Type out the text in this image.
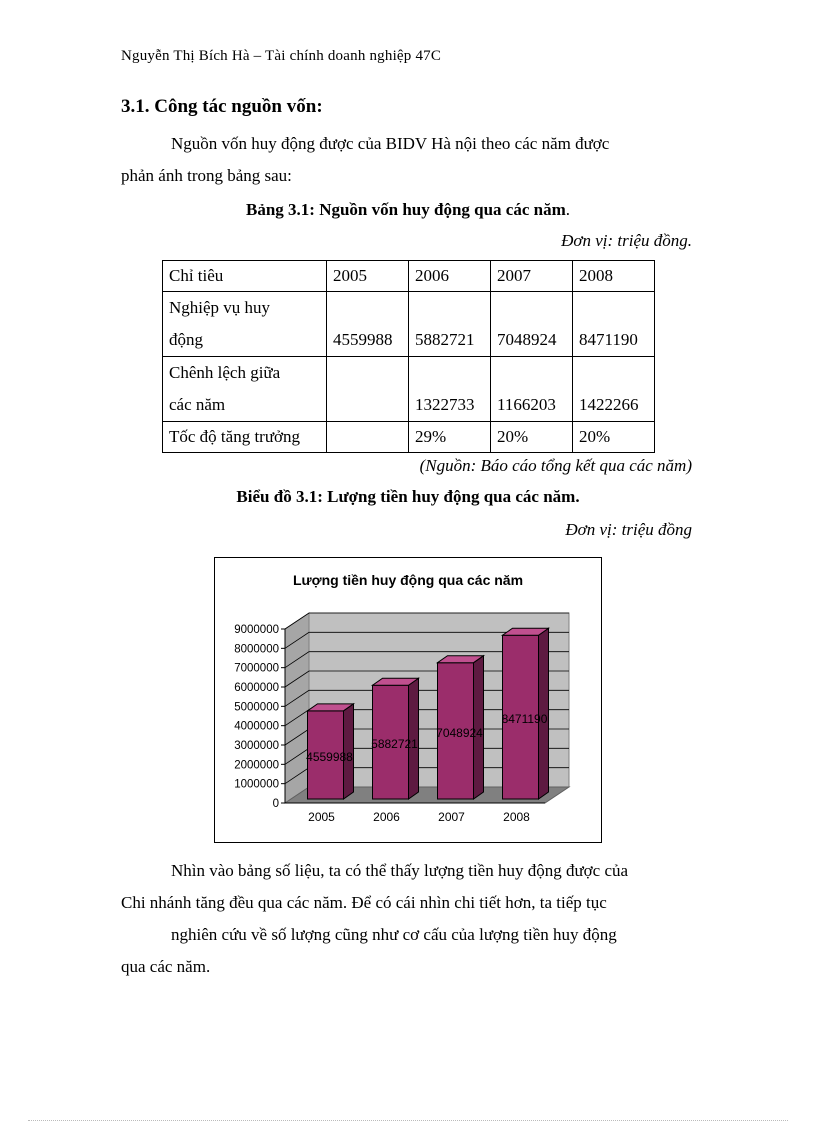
Nguyễn Thị Bích Hà – Tài chính doanh nghiệp 47C
3.1. Công tác nguồn vốn:
Nguồn vốn huy động được của BIDV Hà nội theo các năm được
phản ánh trong bảng sau:
Bảng 3.1: Nguồn vốn huy động qua các năm.
Đơn vị: triệu đồng.
Chỉ tiêu	2005	2006	2007	2008

Nghiệp vụ huy
động	4559988	5882721	7048924	8471190

Chênh lệch giữa
các năm		1322733	1166203	1422266
Tốc độ tăng trưởng		29%	20%	20%
(Nguồn: Báo cáo tổng kết qua các năm)
Biểu đồ 3.1: Lượng tiền huy động qua các năm.
Đơn vị: triệu đồng
Lượng tiền huy động qua các năm
0
1000000
2000000
3000000
4000000
5000000
6000000
7000000
8000000
9000000
4559988
2005
5882721
2006
7048924
2007
8471190
2008
Nhìn vào bảng số liệu, ta có thể thấy lượng tiền huy động được của
Chi nhánh tăng đều qua các năm. Để có cái nhìn chi tiết hơn, ta tiếp tục
nghiên cứu về số lượng cũng như cơ cấu của lượng tiền huy động
qua các năm.
